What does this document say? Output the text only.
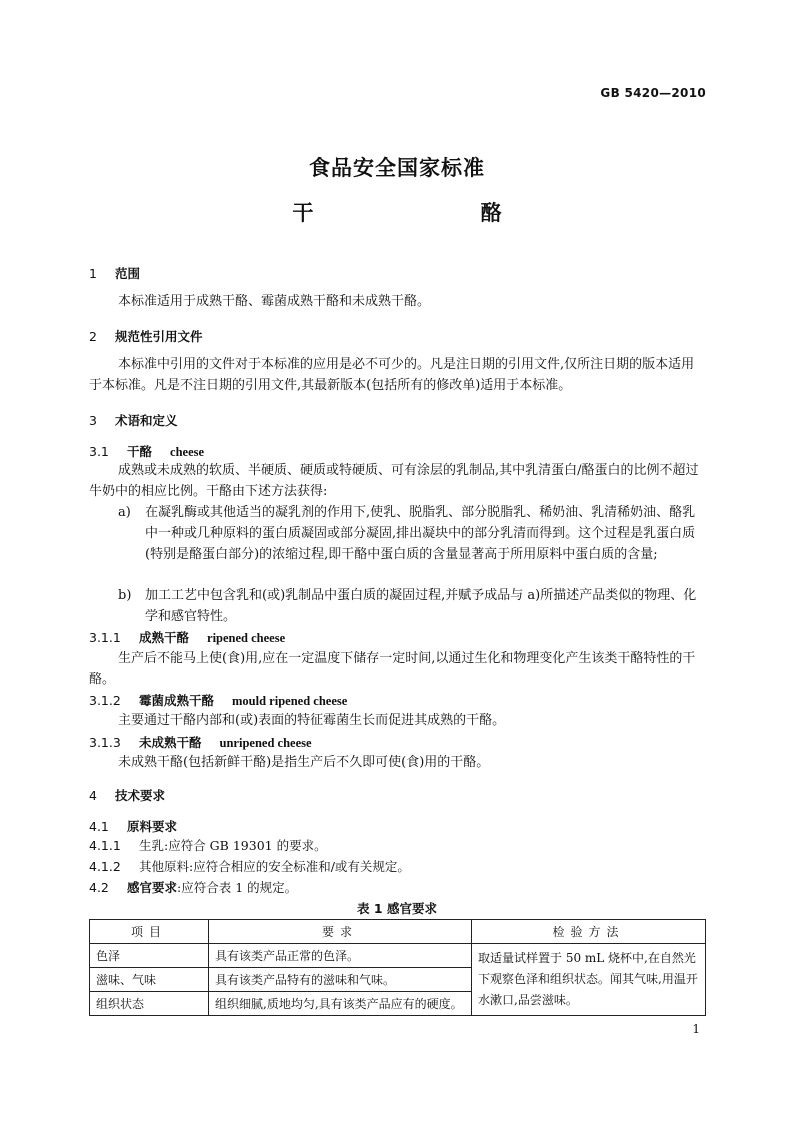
GB 5420—2010
食品安全国家标准
干 酪
1 范围
本标准适用于成熟干酪、霉菌成熟干酪和未成熟干酪。
2 规范性引用文件
本标准中引用的文件对于本标准的应用是必不可少的。凡是注日期的引用文件,仅所注日期的版本适用于本标准。凡是不注日期的引用文件,其最新版本(包括所有的修改单)适用于本标准。
3 术语和定义
3.1 干酪 cheese
成熟或未成熟的软质、半硬质、硬质或特硬质、可有涂层的乳制品,其中乳清蛋白/酪蛋白的比例不超过牛奶中的相应比例。干酪由下述方法获得:
a) 在凝乳酶或其他适当的凝乳剂的作用下,使乳、脱脂乳、部分脱脂乳、稀奶油、乳清稀奶油、酪乳中一种或几种原料的蛋白质凝固或部分凝固,排出凝块中的部分乳清而得到。这个过程是乳蛋白质(特别是酪蛋白部分)的浓缩过程,即干酪中蛋白质的含量显著高于所用原料中蛋白质的含量;
b) 加工工艺中包含乳和(或)乳制品中蛋白质的凝固过程,并赋予成品与 a)所描述产品类似的物理、化学和感官特性。
3.1.1 成熟干酪 ripened cheese
生产后不能马上使(食)用,应在一定温度下储存一定时间,以通过生化和物理变化产生该类干酪特性的干酪。
3.1.2 霉菌成熟干酪 mould ripened cheese
主要通过干酪内部和(或)表面的特征霉菌生长而促进其成熟的干酪。
3.1.3 未成熟干酪 unripened cheese
未成熟干酪(包括新鲜干酪)是指生产后不久即可使(食)用的干酪。
4 技术要求
4.1 原料要求
4.1.1 生乳:应符合 GB 19301 的要求。
4.1.2 其他原料:应符合相应的安全标准和/或有关规定。
4.2 感官要求:应符合表 1 的规定。
表 1 感官要求
项目	要求	检验方法
色泽	具有该类产品正常的色泽。	取适量试样置于 50 mL 烧杯中,在自然光下观察色泽和组织状态。闻其气味,用温开水漱口,品尝滋味。
滋味、气味	具有该类产品特有的滋味和气味。	
组织状态	组织细腻,质地均匀,具有该类产品应有的硬度。	
1
